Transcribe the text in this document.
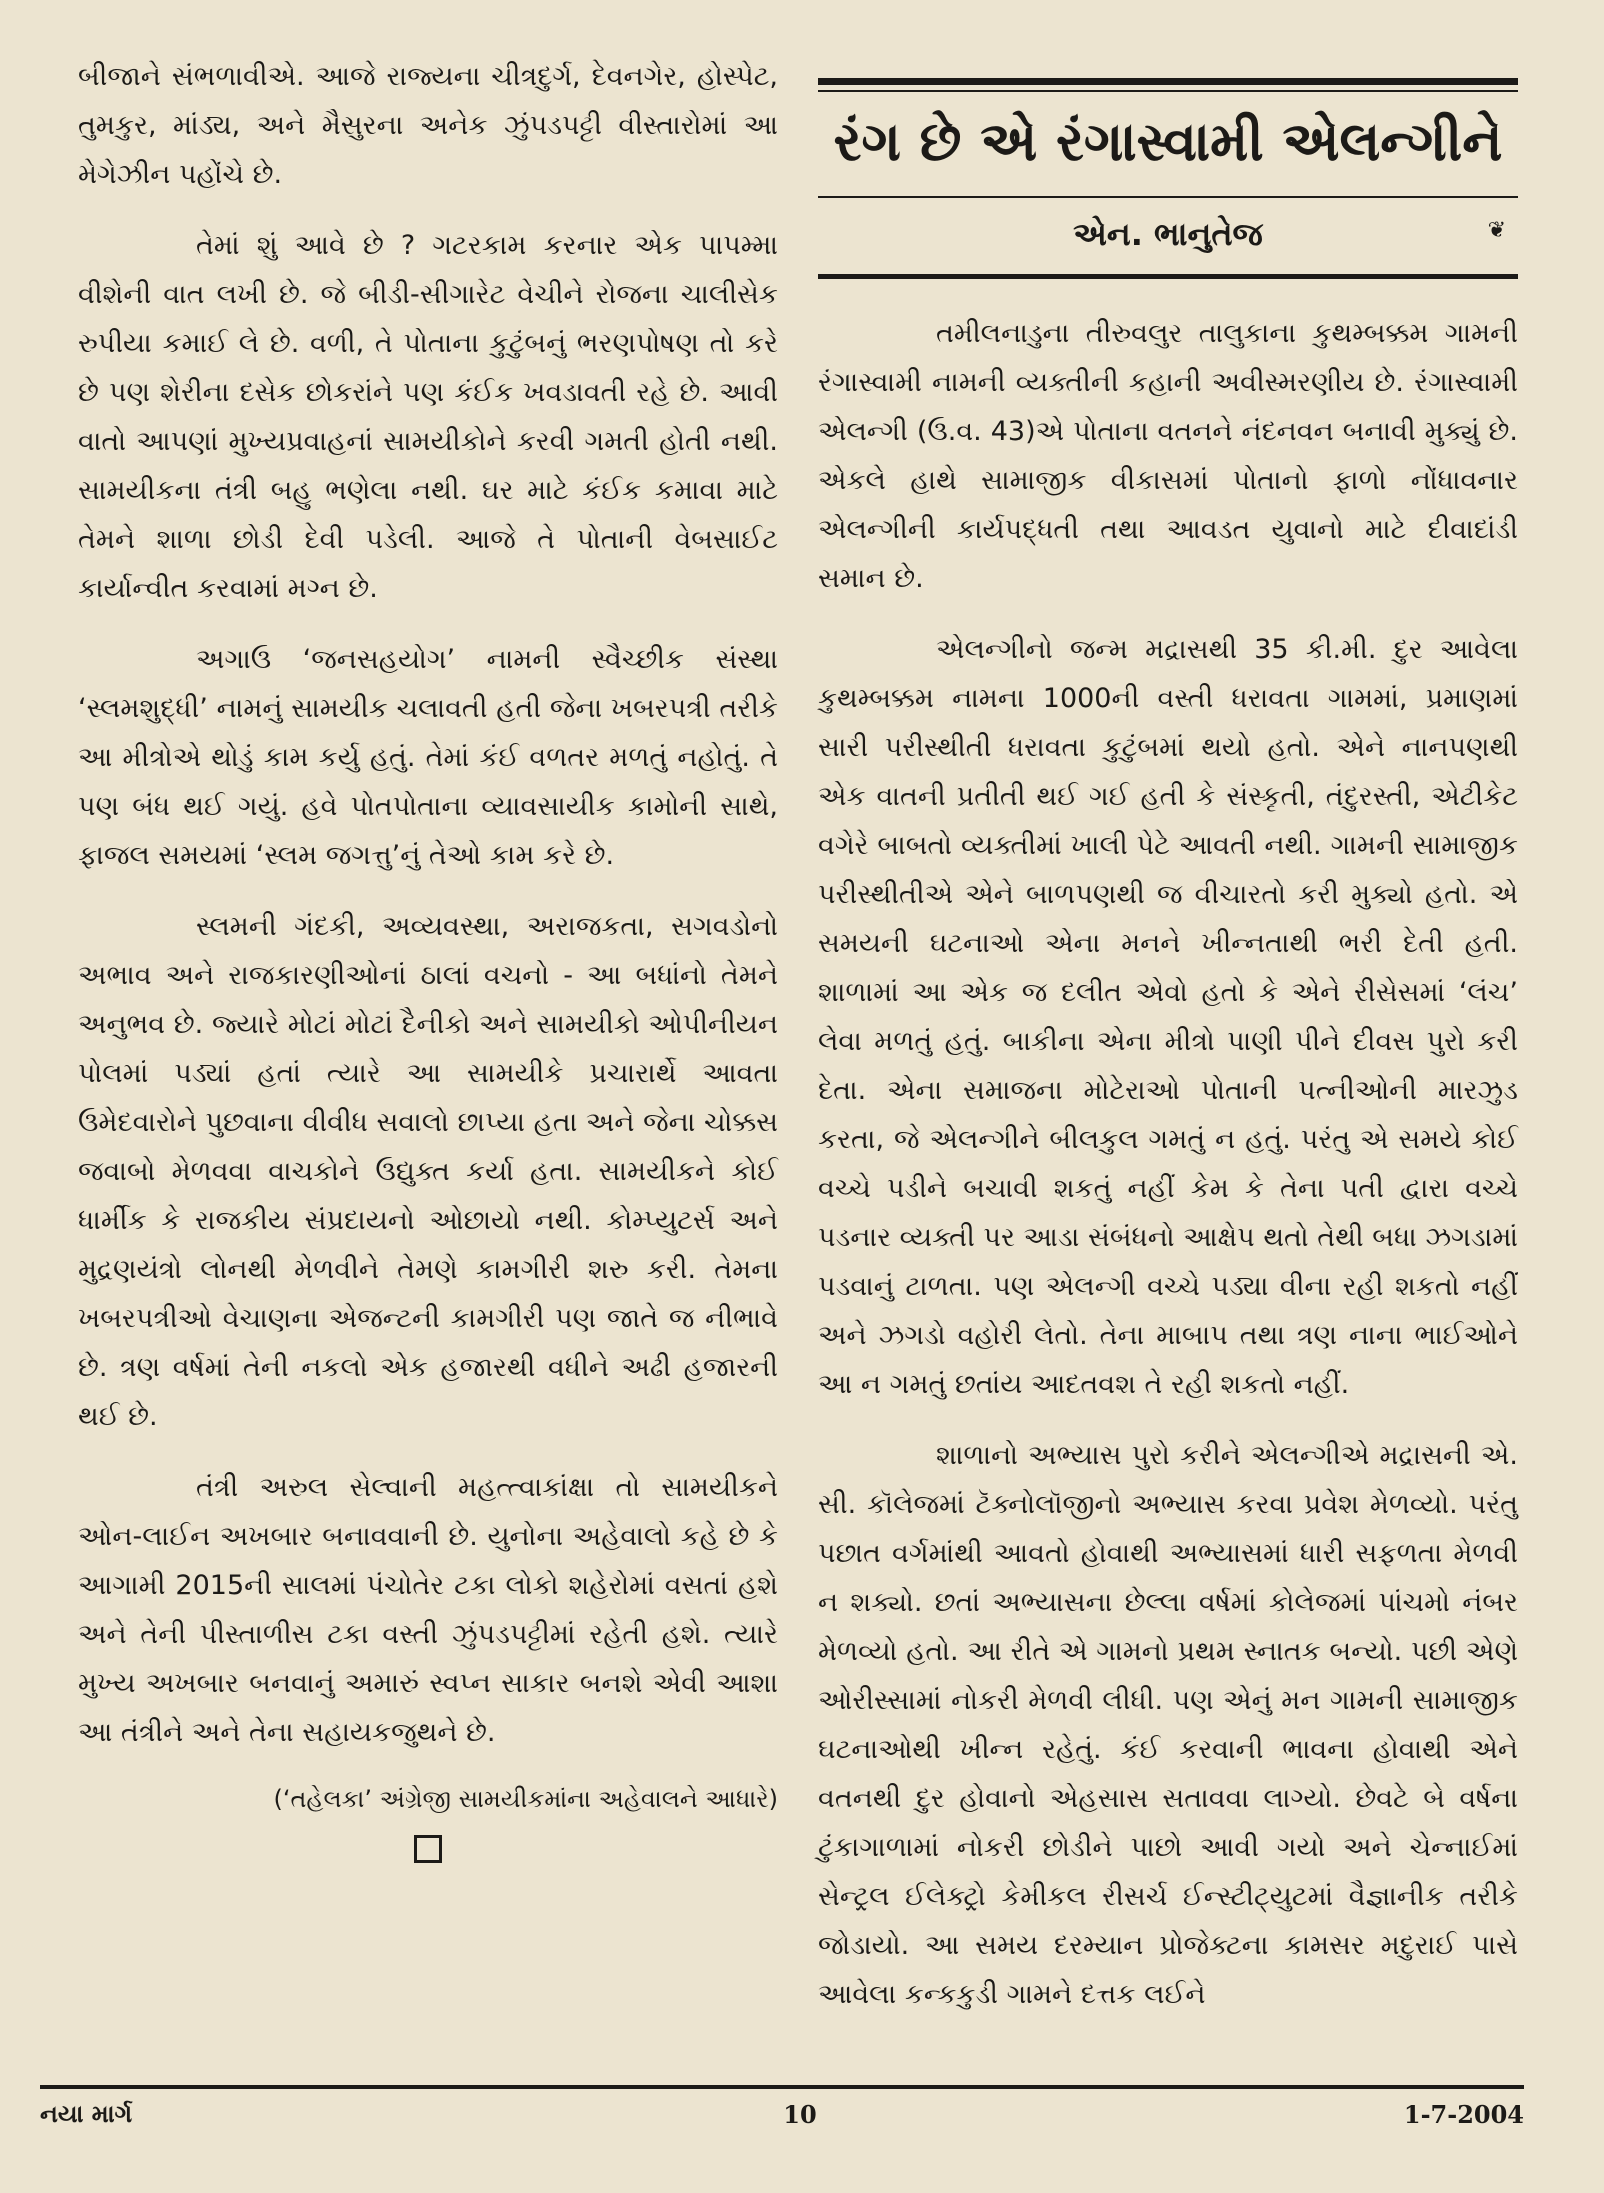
બીજાને સંભળાવીએ. આજે રાજ્યના ચીત્રદુર્ગ, દેવનગેર, હોસ્પેટ, તુમકુર, માંડ્ય, અને મૈસુરના અનેક ઝુંપડપટ્ટી વીસ્તારોમાં આ મેગેઝીન પહોંચે છે.

તેમાં શું આવે છે ? ગટરકામ કરનાર એક પાપમ્મા વીશેની વાત લખી છે. જે બીડી-સીગારેટ વેચીને રોજના ચાલીસેક રુપીયા કમાઈ લે છે. વળી, તે પોતાના કુટુંબનું ભરણપોષણ તો કરે છે પણ શેરીના દસેક છોકરાંને પણ કંઈક ખવડાવતી રહે છે. આવી વાતો આપણાં મુખ્યપ્રવાહનાં સામયીકોને કરવી ગમતી હોતી નથી. સામયીકના તંત્રી બહુ ભણેલા નથી. ઘર માટે કંઈક કમાવા માટે તેમને શાળા છોડી દેવી પડેલી. આજે તે પોતાની વેબસાઈટ કાર્યાન્વીત કરવામાં મગ્ન છે.

અગાઉ ‘જનસહયોગ’ નામની સ્વૈચ્છીક સંસ્થા ‘સ્લમશુદ્ધી’ નામનું સામયીક ચલાવતી હતી જેના ખબરપત્રી તરીકે આ મીત્રોએ થોડું કામ કર્યુ હતું. તેમાં કંઈ વળતર મળતું નહોતું. તે પણ બંધ થઈ ગયું. હવે પોતપોતાના વ્યાવસાયીક કામોની સાથે, ફાજલ સમયમાં ‘સ્લમ જગત્તુ’નું તેઓ કામ કરે છે.

સ્લમની ગંદકી, અવ્યવસ્થા, અરાજકતા, સગવડોનો અભાવ અને રાજકારણીઓનાં ઠાલાં વચનો - આ બધાંનો તેમને અનુભવ છે. જ્યારે મોટાં મોટાં દૈનીકો અને સામયીકો ઓપીનીયન પોલમાં પડ્યાં હતાં ત્યારે આ સામયીકે પ્રચારાર્થે આવતા ઉમેદવારોને પુછવાના વીવીધ સવાલો છાપ્યા હતા અને જેના ચોક્કસ જવાબો મેળવવા વાચકોને ઉદ્યુક્ત કર્યા હતા. સામયીકને કોઈ ધાર્મીક કે રાજકીય સંપ્રદાયનો ઓછાયો નથી. કોમ્પ્યુટર્સ અને મુદ્રણયંત્રો લોનથી મેળવીને તેમણે કામગીરી શરુ કરી. તેમના ખબરપત્રીઓ વેચાણના એજન્ટની કામગીરી પણ જાતે જ નીભાવે છે. ત્રણ વર્ષમાં તેની નકલો એક હજારથી વધીને અઢી હજારની થઈ છે.

તંત્રી અરુલ સેલ્વાની મહત્ત્વાકાંક્ષા તો સામયીકને ઓન-લાઈન અખબાર બનાવવાની છે. યુનોના અહેવાલો કહે છે કે આગામી 2015ની સાલમાં પંચોતેર ટકા લોકો શહેરોમાં વસતાં હશે અને તેની પીસ્તાળીસ ટકા વસ્તી ઝુંપડપટ્ટીમાં રહેતી હશે. ત્યારે મુખ્ય અખબાર બનવાનું અમારું સ્વપ્ન સાકાર બનશે એવી આશા આ તંત્રીને અને તેના સહાયકજુથને છે.

(‘તહેલકા’ અંગ્રેજી સામયીકમાંના અહેવાલને આધારે)

રંગ છે એ રંગાસ્વામી એલન્ગીને

એન. ભાનુતેજ	❦

તમીલનાડુના તીરુવલુર તાલુકાના કુથમ્બક્કમ ગામની રંગાસ્વામી નામની વ્યક્તીની કહાની અવીસ્મરણીય છે. રંગાસ્વામી એલન્ગી (ઉ.વ. 43)એ પોતાના વતનને નંદનવન બનાવી મુક્યું છે. એકલે હાથે સામાજીક વીકાસમાં પોતાનો ફાળો નોંધાવનાર એલન્ગીની કાર્યપદ્ધતી તથા આવડત યુવાનો માટે દીવાદાંડી સમાન છે.

એલન્ગીનો જન્મ મદ્રાસથી 35 કી.મી. દુર આવેલા કુથમ્બક્કમ નામના 1000ની વસ્તી ધરાવતા ગામમાં, પ્રમાણમાં સારી પરીસ્થીતી ધરાવતા કુટુંબમાં થયો હતો. એને નાનપણથી એક વાતની પ્રતીતી થઈ ગઈ હતી કે સંસ્કૃતી, તંદુરસ્તી, એટીકેટ વગેરે બાબતો વ્યક્તીમાં ખાલી પેટે આવતી નથી. ગામની સામાજીક પરીસ્થીતીએ એને બાળપણથી જ વીચારતો કરી મુક્યો હતો. એ સમયની ઘટનાઓ એના મનને ખીન્નતાથી ભરી દેતી હતી. શાળામાં આ એક જ દલીત એવો હતો કે એને રીસેસમાં ‘લંચ’ લેવા મળતું હતું. બાકીના એના મીત્રો પાણી પીને દીવસ પુરો કરી દેતા. એના સમાજના મોટેરાઓ પોતાની પત્નીઓની મારઝુડ કરતા, જે એલન્ગીને બીલકુલ ગમતું ન હતું. પરંતુ એ સમયે કોઈ વચ્ચે પડીને બચાવી શકતું નહીં કેમ કે તેના પતી દ્વારા વચ્ચે પડનાર વ્યક્તી પર આડા સંબંધનો આક્ષેપ થતો તેથી બધા ઝગડામાં પડવાનું ટાળતા. પણ એલન્ગી વચ્ચે પડ્યા વીના રહી શકતો નહીં અને ઝગડો વહોરી લેતો. તેના માબાપ તથા ત્રણ નાના ભાઈઓને આ ન ગમતું છતાંય આદતવશ તે રહી શકતો નહીં.

શાળાનો અભ્યાસ પુરો કરીને એલન્ગીએ મદ્રાસની એ. સી. કૉલેજમાં ટૅક્નોલૉજીનો અભ્યાસ કરવા પ્રવેશ મેળવ્યો. પરંતુ પછાત વર્ગમાંથી આવતો હોવાથી અભ્યાસમાં ધારી સફળતા મેળવી ન શક્યો. છતાં અભ્યાસના છેલ્લા વર્ષમાં કોલેજમાં પાંચમો નંબર મેળવ્યો હતો. આ રીતે એ ગામનો પ્રથમ સ્નાતક બન્યો. પછી એણે ઓરીસ્સામાં નોકરી મેળવી લીધી. પણ એનું મન ગામની સામાજીક ઘટનાઓથી ખીન્ન રહેતું. કંઈ કરવાની ભાવના હોવાથી એને વતનથી દુર હોવાનો એહસાસ સતાવવા લાગ્યો. છેવટે બે વર્ષના ટુંકાગાળામાં નોકરી છોડીને પાછો આવી ગયો અને ચેન્નાઈમાં સેન્ટ્રલ ઈલેક્ટ્રો કેમીકલ રીસર્ચ ઈન્સ્ટીટ્યુટમાં વૈજ્ઞાનીક તરીકે જોડાયો. આ સમય દરમ્યાન પ્રોજેક્ટના કામસર મદુરાઈ પાસે આવેલા કન્કકુડી ગામને દત્તક લઈને

નયા માર્ગ	10	1-7-2004
